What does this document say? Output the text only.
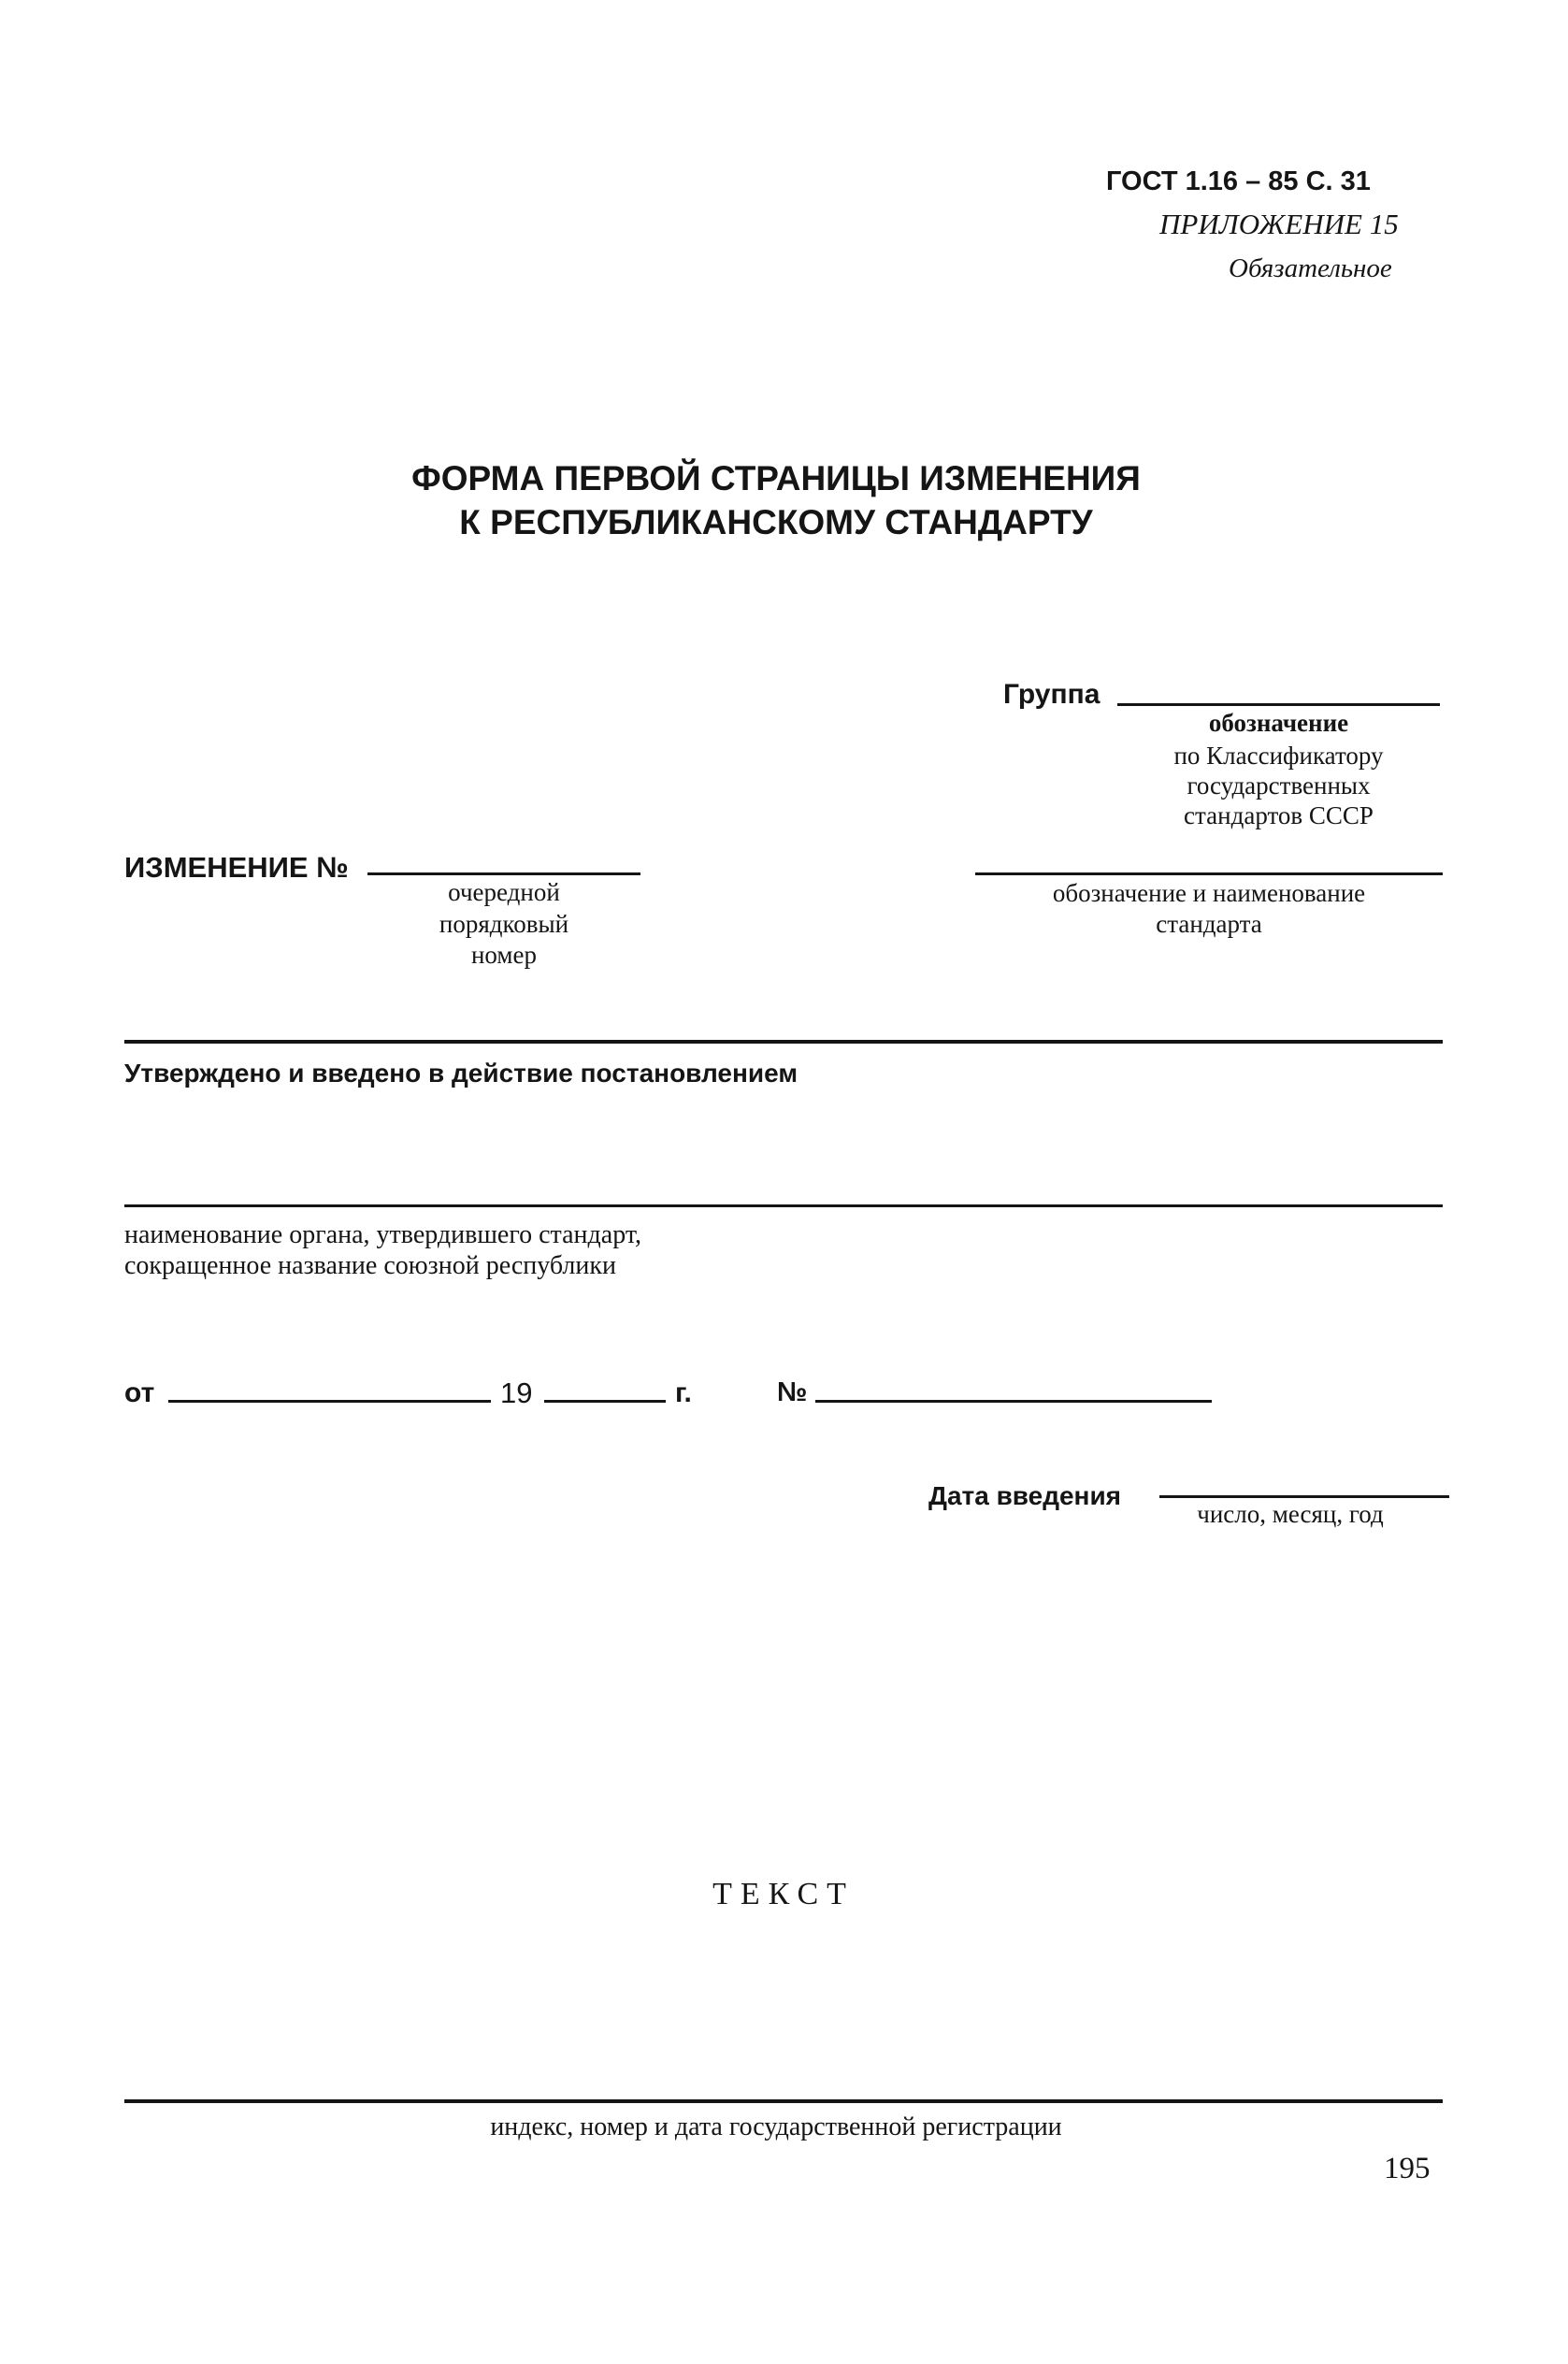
ГОСТ 1.16 – 85 С. 31
ПРИЛОЖЕНИЕ 15
Обязательное
ФОРМА ПЕРВОЙ СТРАНИЦЫ ИЗМЕНЕНИЯ
К РЕСПУБЛИКАНСКОМУ СТАНДАРТУ
Группа
обозначение
по Классификатору
государственных
стандартов СССР
ИЗМЕНЕНИЕ №
очередной
порядковый
номер
обозначение и наименование
стандарта
Утверждено и введено в действие постановлением
наименование органа, утвердившего стандарт,
сокращенное название союзной республики
от	19	г.	№
Дата введения
число, месяц, год
ТЕКСТ
индекс, номер и дата государственной регистрации
195
